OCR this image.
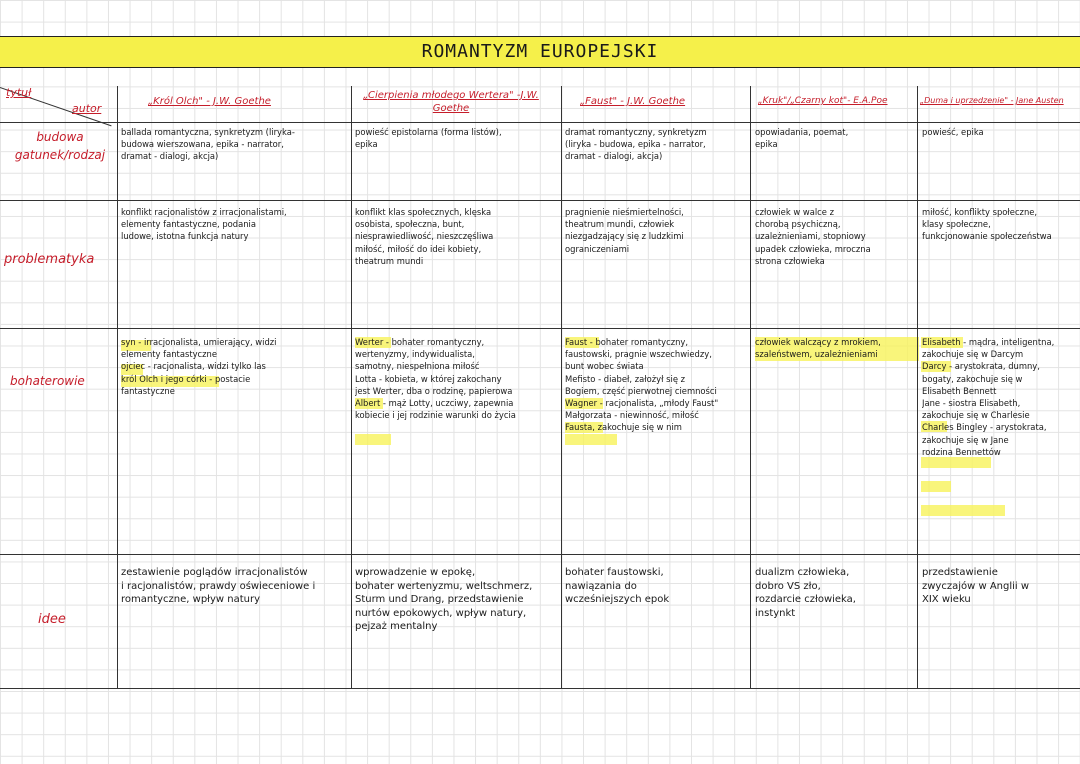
ROMANTYZM EUROPEJSKI
tytuł
autor
„Król Olch" - J.W. Goethe
„Cierpienia młodego Wertera" -J.W. Goethe
„Faust" - J.W. Goethe	„Kruk"/„Czarny kot"- E.A.Poe	„Duma i uprzedzenie" - Jane Austen
budowa
gatunek/rodzaj
problematyka
bohaterowie
idee
ballada romantyczna, synkretyzm (liryka-
budowa wierszowana, epika - narrator,
dramat - dialogi, akcja)
powieść epistolarna (forma listów),
epika
dramat romantyczny, synkretyzm
(liryka - budowa, epika - narrator,
dramat - dialogi, akcja)
opowiadania, poemat,
epika
powieść, epika
konflikt racjonalistów z irracjonalistami,
elementy fantastyczne, podania
ludowe, istotna funkcja natury
konflikt klas społecznych, klęska
osobista, społeczna, bunt,
niesprawiedliwość, nieszczęśliwa
miłość, miłość do idei kobiety,
theatrum mundi
pragnienie nieśmiertelności,
theatrum mundi, człowiek
niezgadzający się z ludzkimi
ograniczeniami
człowiek w walce z
chorobą psychiczną,
uzależnieniami, stopniowy
upadek człowieka, mroczna
strona człowieka
miłość, konflikty społeczne,
klasy społeczne,
funkcjonowanie społeczeństwa
syn - irracjonalista, umierający, widzi
elementy fantastyczne
ojciec - racjonalista, widzi tylko las
król Olch i jego córki - postacie
fantastyczne
Werter - bohater romantyczny,
wertenyzmy, indywidualista,
samotny, niespełniona miłość
Lotta - kobieta, w której zakochany
jest Werter, dba o rodzinę, papierowa
Albert - mąż Lotty, uczciwy, zapewnia
kobiecie i jej rodzinie warunki do życia
Faust - bohater romantyczny,
faustowski, pragnie wszechwiedzy,
bunt wobec świata
Mefisto - diabeł, założył się z
Bogiem, część pierwotnej ciemności
Wagner - racjonalista, „młody Faust"
Małgorzata - niewinność, miłość
Fausta, zakochuje się w nim
człowiek walczący z mrokiem,
szaleństwem, uzależnieniami
Elisabeth - mądra, inteligentna,
zakochuje się w Darcym
Darcy - arystokrata, dumny,
bogaty, zakochuje się w
Elisabeth Bennett
Jane - siostra Elisabeth,
zakochuje się w Charlesie
Charles Bingley - arystokrata,
zakochuje się w Jane
rodzina Bennettów
zestawienie poglądów irracjonalistów
i racjonalistów, prawdy oświeceniowe i
romantyczne, wpływ natury
wprowadzenie w epokę,
bohater wertenyzmu, weltschmerz,
Sturm und Drang, przedstawienie
nurtów epokowych, wpływ natury,
pejzaż mentalny
bohater faustowski,
nawiązania do
wcześniejszych epok
dualizm człowieka,
dobro VS zło,
rozdarcie człowieka,
instynkt
przedstawienie
zwyczajów w Anglii w
XIX wieku
